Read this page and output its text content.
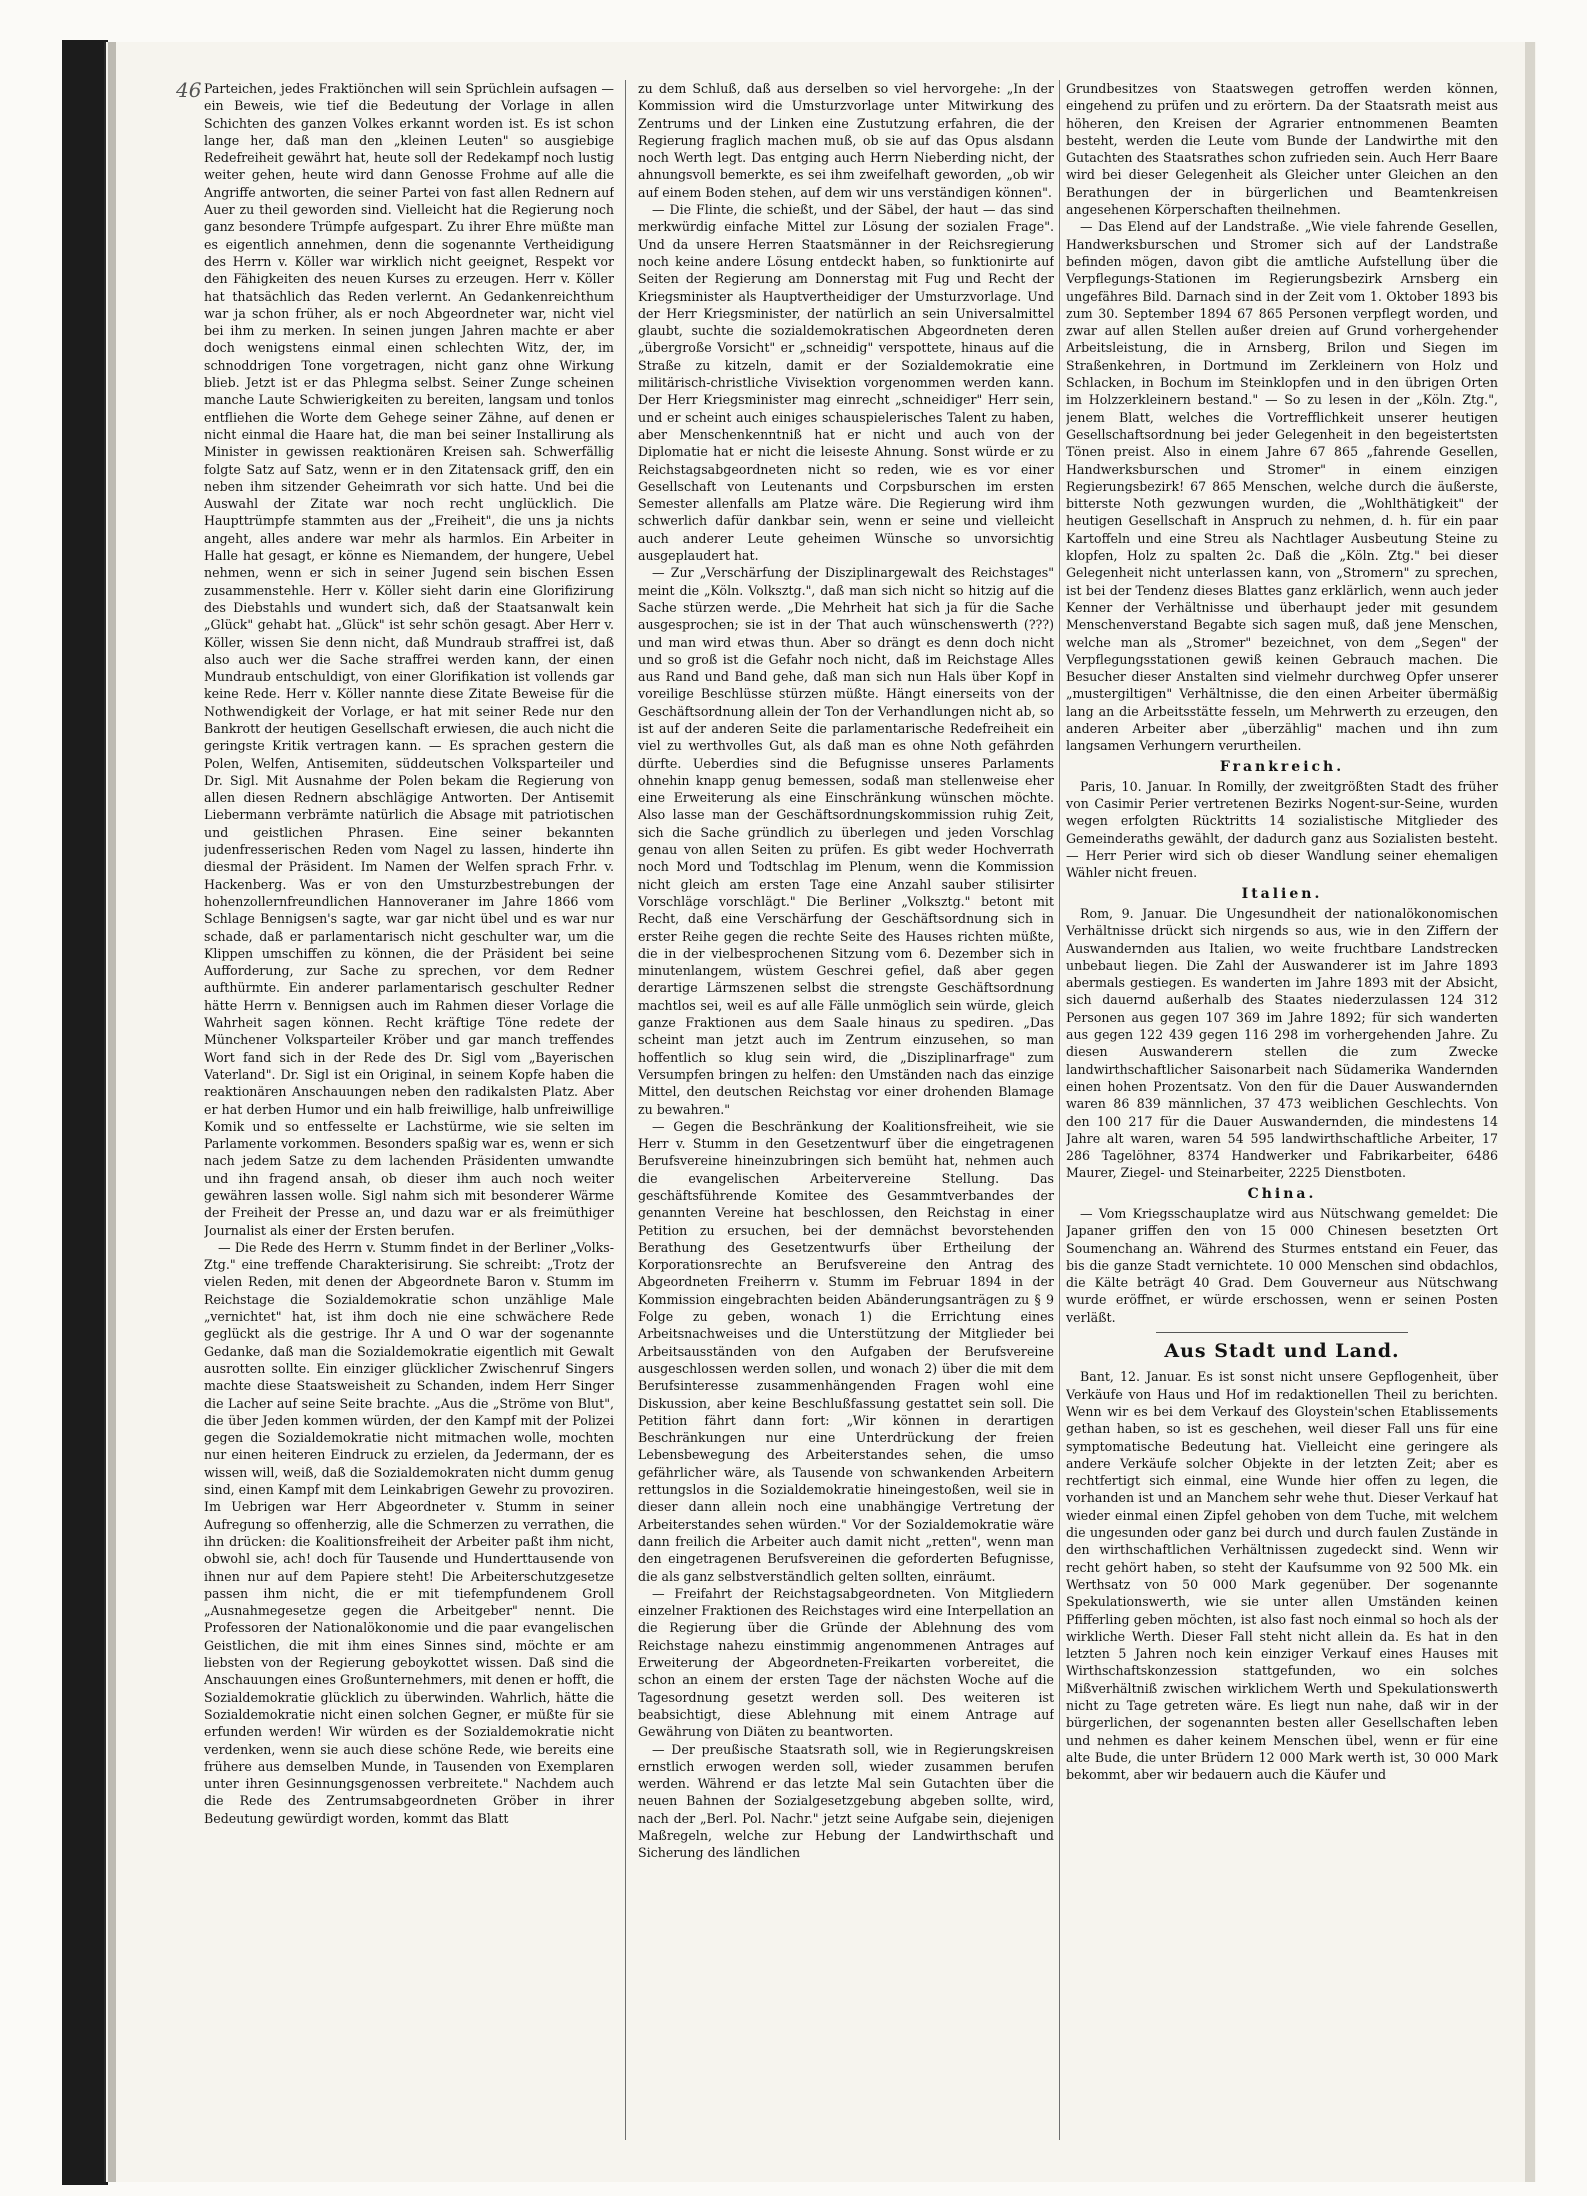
46 Parteichen, jedes Fraktiönchen will sein Sprüchlein aufsagen — ein Beweis, wie tief die Bedeutung der Vorlage in allen Schichten des ganzen Volkes erkannt worden ist. Es ist schon lange her, daß man den „kleinen Leuten" so ausgiebige Redefreiheit gewährt hat, heute soll der Redekampf noch lustig weiter gehen, heute wird dann Genosse Frohme auf alle die Angriffe antworten, die seiner Partei von fast allen Rednern auf Auer zu theil geworden sind. Vielleicht hat die Regierung noch ganz besondere Trümpfe aufgespart. Zu ihrer Ehre müßte man es eigentlich annehmen, denn die sogenannte Vertheidigung des Herrn v. Köller war wirklich nicht geeignet, Respekt vor den Fähigkeiten des neuen Kurses zu erzeugen. Herr v. Köller hat thatsächlich das Reden verlernt. An Gedankenreichthum war ja schon früher, als er noch Abgeordneter war, nicht viel bei ihm zu merken. In seinen jungen Jahren machte er aber doch wenigstens einmal einen schlechten Witz, der, im schnoddrigen Tone vorgetragen, nicht ganz ohne Wirkung blieb. Jetzt ist er das Phlegma selbst. Seiner Zunge scheinen manche Laute Schwierigkeiten zu bereiten, langsam und tonlos entfliehen die Worte dem Gehege seiner Zähne, auf denen er nicht einmal die Haare hat, die man bei seiner Installirung als Minister in gewissen reaktionären Kreisen sah. Schwerfällig folgte Satz auf Satz, wenn er in den Zitatensack griff, den ein neben ihm sitzender Geheimrath vor sich hatte. Und bei die Auswahl der Zitate war noch recht unglücklich. Die Haupttrümpfe stammten aus der „Freiheit", die uns ja nichts angeht, alles andere war mehr als harmlos. Ein Arbeiter in Halle hat gesagt, er könne es Niemandem, der hungere, Uebel nehmen, wenn er sich in seiner Jugend sein bischen Essen zusammenstehle. Herr v. Köller sieht darin eine Glorifizirung des Diebstahls und wundert sich, daß der Staatsanwalt kein „Glück" gehabt hat. „Glück" ist sehr schön gesagt. Aber Herr v. Köller, wissen Sie denn nicht, daß Mundraub straffrei ist, daß also auch wer die Sache straffrei werden kann, der einen Mundraub entschuldigt, von einer Glorifikation ist vollends gar keine Rede. Herr v. Köller nannte diese Zitate Beweise für die Nothwendigkeit der Vorlage, er hat mit seiner Rede nur den Bankrott der heutigen Gesellschaft erwiesen, die auch nicht die geringste Kritik vertragen kann. — Es sprachen gestern die Polen, Welfen, Antisemiten, süddeutschen Volksparteiler und Dr. Sigl. Mit Ausnahme der Polen bekam die Regierung von allen diesen Rednern abschlägige Antworten. Der Antisemit Liebermann verbrämte natürlich die Absage mit patriotischen und geistlichen Phrasen. Eine seiner bekannten judenfresserischen Reden vom Nagel zu lassen, hinderte ihn diesmal der Präsident. Im Namen der Welfen sprach Frhr. v. Hackenberg. Was er von den Umsturzbestrebungen der hohenzollernfreundlichen Hannoveraner im Jahre 1866 vom Schlage Bennigsen's sagte, war gar nicht übel und es war nur schade, daß er parlamentarisch nicht geschulter war, um die Klippen umschiffen zu können, die der Präsident bei seine Aufforderung, zur Sache zu sprechen, vor dem Redner aufthürmte. Ein anderer parlamentarisch geschulter Redner hätte Herrn v. Bennigsen auch im Rahmen dieser Vorlage die Wahrheit sagen können. Recht kräftige Töne redete der Münchener Volksparteiler Kröber und gar manch treffendes Wort fand sich in der Rede des Dr. Sigl vom „Bayerischen Vaterland". Dr. Sigl ist ein Original, in seinem Kopfe haben die reaktionären Anschauungen neben den radikalsten Platz. Aber er hat derben Humor und ein halb freiwillige, halb unfreiwillige Komik und so entfesselte er Lachstürme, wie sie selten im Parlamente vorkommen. Besonders spaßig war es, wenn er sich nach jedem Satze zu dem lachenden Präsidenten umwandte und ihn fragend ansah, ob dieser ihm auch noch weiter gewähren lassen wolle. Sigl nahm sich mit besonderer Wärme der Freiheit der Presse an, und dazu war er als freimüthiger Journalist als einer der Ersten berufen.

— Die Rede des Herrn v. Stumm findet in der Berliner „Volks-Ztg." eine treffende Charakterisirung. Sie schreibt: „Trotz der vielen Reden, mit denen der Abgeordnete Baron v. Stumm im Reichstage die Sozialdemokratie schon unzählige Male „vernichtet" hat, ist ihm doch nie eine schwächere Rede geglückt als die gestrige. Ihr A und O war der sogenannte Gedanke, daß man die Sozialdemokratie eigentlich mit Gewalt ausrotten sollte. Ein einziger glücklicher Zwischenruf Singers machte diese Staatsweisheit zu Schanden, indem Herr Singer die Lacher auf seine Seite brachte. „Aus die „Ströme von Blut", die über Jeden kommen würden, der den Kampf mit der Polizei gegen die Sozialdemokratie nicht mitmachen wolle, mochten nur einen heiteren Eindruck zu erzielen, da Jedermann, der es wissen will, weiß, daß die Sozialdemokraten nicht dumm genug sind, einen Kampf mit dem Leinkabrigen Gewehr zu provoziren. Im Uebrigen war Herr Abgeordneter v. Stumm in seiner Aufregung so offenherzig, alle die Schmerzen zu verrathen, die ihn drücken: die Koalitionsfreiheit der Arbeiter paßt ihm nicht, obwohl sie, ach! doch für Tausende und Hunderttausende von ihnen nur auf dem Papiere steht! Die Arbeiterschutzgesetze passen ihm nicht, die er mit tiefempfundenem Groll „Ausnahmegesetze gegen die Arbeitgeber" nennt. Die Professoren der Nationalökonomie und die paar evangelischen Geistlichen, die mit ihm eines Sinnes sind, möchte er am liebsten von der Regierung geboykottet wissen. Daß sind die Anschauungen eines Großunternehmers, mit denen er hofft, die Sozialdemokratie glücklich zu überwinden. Wahrlich, hätte die Sozialdemokratie nicht einen solchen Gegner, er müßte für sie erfunden werden! Wir würden es der Sozialdemokratie nicht verdenken, wenn sie auch diese schöne Rede, wie bereits eine frühere aus demselben Munde, in Tausenden von Exemplaren unter ihren Gesinnungsgenossen verbreitete." Nachdem auch die Rede des Zentrumsabgeordneten Gröber in ihrer Bedeutung gewürdigt worden, kommt das Blatt

zu dem Schluß, daß aus derselben so viel hervorgehe: „In der Kommission wird die Umsturzvorlage unter Mitwirkung des Zentrums und der Linken eine Zustutzung erfahren, die der Regierung fraglich machen muß, ob sie auf das Opus alsdann noch Werth legt. Das entging auch Herrn Nieberding nicht, der ahnungsvoll bemerkte, es sei ihm zweifelhaft geworden, „ob wir auf einem Boden stehen, auf dem wir uns verständigen können".

— Die Flinte, die schießt, und der Säbel, der haut — das sind merkwürdig einfache Mittel zur Lösung der sozialen Frage". Und da unsere Herren Staatsmänner in der Reichsregierung noch keine andere Lösung entdeckt haben, so funktionirte auf Seiten der Regierung am Donnerstag mit Fug und Recht der Kriegsminister als Hauptvertheidiger der Umsturzvorlage. Und der Herr Kriegsminister, der natürlich an sein Universalmittel glaubt, suchte die sozialdemokratischen Abgeordneten deren „übergroße Vorsicht" er „schneidig" verspottete, hinaus auf die Straße zu kitzeln, damit er der Sozialdemokratie eine militärisch-christliche Vivisektion vorgenommen werden kann. Der Herr Kriegsminister mag einrecht „schneidiger" Herr sein, und er scheint auch einiges schauspielerisches Talent zu haben, aber Menschenkenntniß hat er nicht und auch von der Diplomatie hat er nicht die leiseste Ahnung. Sonst würde er zu Reichstagsabgeordneten nicht so reden, wie es vor einer Gesellschaft von Leutenants und Corpsburschen im ersten Semester allenfalls am Platze wäre. Die Regierung wird ihm schwerlich dafür dankbar sein, wenn er seine und vielleicht auch anderer Leute geheimen Wünsche so unvorsichtig ausgeplaudert hat.

— Zur „Verschärfung der Disziplinargewalt des Reichstages" meint die „Köln. Volksztg.", daß man sich nicht so hitzig auf die Sache stürzen werde. „Die Mehrheit hat sich ja für die Sache ausgesprochen; sie ist in der That auch wünschenswerth (???) und man wird etwas thun. Aber so drängt es denn doch nicht und so groß ist die Gefahr noch nicht, daß im Reichstage Alles aus Rand und Band gehe, daß man sich nun Hals über Kopf in voreilige Beschlüsse stürzen müßte. Hängt einerseits von der Geschäftsordnung allein der Ton der Verhandlungen nicht ab, so ist auf der anderen Seite die parlamentarische Redefreiheit ein viel zu werthvolles Gut, als daß man es ohne Noth gefährden dürfte. Ueberdies sind die Befugnisse unseres Parlaments ohnehin knapp genug bemessen, sodaß man stellenweise eher eine Erweiterung als eine Einschränkung wünschen möchte. Also lasse man der Geschäftsordnungskommission ruhig Zeit, sich die Sache gründlich zu überlegen und jeden Vorschlag genau von allen Seiten zu prüfen. Es gibt weder Hochverrath noch Mord und Todtschlag im Plenum, wenn die Kommission nicht gleich am ersten Tage eine Anzahl sauber stilisirter Vorschläge vorschlägt." Die Berliner „Volksztg." betont mit Recht, daß eine Verschärfung der Geschäftsordnung sich in erster Reihe gegen die rechte Seite des Hauses richten müßte, die in der vielbesprochenen Sitzung vom 6. Dezember sich in minutenlangem, wüstem Geschrei gefiel, daß aber gegen derartige Lärmszenen selbst die strengste Geschäftsordnung machtlos sei, weil es auf alle Fälle unmöglich sein würde, gleich ganze Fraktionen aus dem Saale hinaus zu spediren. „Das scheint man jetzt auch im Zentrum einzusehen, so man hoffentlich so klug sein wird, die „Disziplinarfrage" zum Versumpfen bringen zu helfen: den Umständen nach das einzige Mittel, den deutschen Reichstag vor einer drohenden Blamage zu bewahren."

— Gegen die Beschränkung der Koalitionsfreiheit, wie sie Herr v. Stumm in den Gesetzentwurf über die eingetragenen Berufsvereine hineinzubringen sich bemüht hat, nehmen auch die evangelischen Arbeitervereine Stellung. Das geschäftsführende Komitee des Gesammtverbandes der genannten Vereine hat beschlossen, den Reichstag in einer Petition zu ersuchen, bei der demnächst bevorstehenden Berathung des Gesetzentwurfs über Ertheilung der Korporationsrechte an Berufsvereine den Antrag des Abgeordneten Freiherrn v. Stumm im Februar 1894 in der Kommission eingebrachten beiden Abänderungsanträgen zu § 9 Folge zu geben, wonach 1) die Errichtung eines Arbeitsnachweises und die Unterstützung der Mitglieder bei Arbeitsausständen von den Aufgaben der Berufsvereine ausgeschlossen werden sollen, und wonach 2) über die mit dem Berufsinteresse zusammenhängenden Fragen wohl eine Diskussion, aber keine Beschlußfassung gestattet sein soll. Die Petition fährt dann fort: „Wir können in derartigen Beschränkungen nur eine Unterdrückung der freien Lebensbewegung des Arbeiterstandes sehen, die umso gefährlicher wäre, als Tausende von schwankenden Arbeitern rettungslos in die Sozialdemokratie hineingestoßen, weil sie in dieser dann allein noch eine unabhängige Vertretung der Arbeiterstandes sehen würden." Vor der Sozialdemokratie wäre dann freilich die Arbeiter auch damit nicht „retten", wenn man den eingetragenen Berufsvereinen die geforderten Befugnisse, die als ganz selbstverständlich gelten sollten, einräumt.

— Freifahrt der Reichstagsabgeordneten. Von Mitgliedern einzelner Fraktionen des Reichstages wird eine Interpellation an die Regierung über die Gründe der Ablehnung des vom Reichstage nahezu einstimmig angenommenen Antrages auf Erweiterung der Abgeordneten-Freikarten vorbereitet, die schon an einem der ersten Tage der nächsten Woche auf die Tagesordnung gesetzt werden soll. Des weiteren ist beabsichtigt, diese Ablehnung mit einem Antrage auf Gewährung von Diäten zu beantworten.

— Der preußische Staatsrath soll, wie in Regierungskreisen ernstlich erwogen werden soll, wieder zusammen berufen werden. Während er das letzte Mal sein Gutachten über die neuen Bahnen der Sozialgesetzgebung abgeben sollte, wird, nach der „Berl. Pol. Nachr." jetzt seine Aufgabe sein, diejenigen Maßregeln, welche zur Hebung der Landwirthschaft und Sicherung des ländlichen

Grundbesitzes von Staatswegen getroffen werden können, eingehend zu prüfen und zu erörtern. Da der Staatsrath meist aus höheren, den Kreisen der Agrarier entnommenen Beamten besteht, werden die Leute vom Bunde der Landwirthe mit den Gutachten des Staatsrathes schon zufrieden sein. Auch Herr Baare wird bei dieser Gelegenheit als Gleicher unter Gleichen an den Berathungen der in bürgerlichen und Beamtenkreisen angesehenen Körperschaften theilnehmen.

— Das Elend auf der Landstraße. „Wie viele fahrende Gesellen, Handwerksburschen und Stromer sich auf der Landstraße befinden mögen, davon gibt die amtliche Aufstellung über die Verpflegungs-Stationen im Regierungsbezirk Arnsberg ein ungefähres Bild. Darnach sind in der Zeit vom 1. Oktober 1893 bis zum 30. September 1894 67 865 Personen verpflegt worden, und zwar auf allen Stellen außer dreien auf Grund vorhergehender Arbeitsleistung, die in Arnsberg, Brilon und Siegen im Straßenkehren, in Dortmund im Zerkleinern von Holz und Schlacken, in Bochum im Steinklopfen und in den übrigen Orten im Holzzerkleinern bestand." — So zu lesen in der „Köln. Ztg.", jenem Blatt, welches die Vortrefflichkeit unserer heutigen Gesellschaftsordnung bei jeder Gelegenheit in den begeistertsten Tönen preist. Also in einem Jahre 67 865 „fahrende Gesellen, Handwerksburschen und Stromer" in einem einzigen Regierungsbezirk! 67 865 Menschen, welche durch die äußerste, bitterste Noth gezwungen wurden, die „Wohlthätigkeit" der heutigen Gesellschaft in Anspruch zu nehmen, d. h. für ein paar Kartoffeln und eine Streu als Nachtlager Ausbeutung Steine zu klopfen, Holz zu spalten 2c. Daß die „Köln. Ztg." bei dieser Gelegenheit nicht unterlassen kann, von „Stromern" zu sprechen, ist bei der Tendenz dieses Blattes ganz erklärlich, wenn auch jeder Kenner der Verhältnisse und überhaupt jeder mit gesundem Menschenverstand Begabte sich sagen muß, daß jene Menschen, welche man als „Stromer" bezeichnet, von dem „Segen" der Verpflegungsstationen gewiß keinen Gebrauch machen. Die Besucher dieser Anstalten sind vielmehr durchweg Opfer unserer „mustergiltigen" Verhältnisse, die den einen Arbeiter übermäßig lang an die Arbeitsstätte fesseln, um Mehrwerth zu erzeugen, den anderen Arbeiter aber „überzählig" machen und ihn zum langsamen Verhungern verurtheilen.

Frankreich.

Paris, 10. Januar. In Romilly, der zweitgrößten Stadt des früher von Casimir Perier vertretenen Bezirks Nogent-sur-Seine, wurden wegen erfolgten Rücktritts 14 sozialistische Mitglieder des Gemeinderaths gewählt, der dadurch ganz aus Sozialisten besteht. — Herr Perier wird sich ob dieser Wandlung seiner ehemaligen Wähler nicht freuen.

Italien.

Rom, 9. Januar. Die Ungesundheit der nationalökonomischen Verhältnisse drückt sich nirgends so aus, wie in den Ziffern der Auswandernden aus Italien, wo weite fruchtbare Landstrecken unbebaut liegen. Die Zahl der Auswanderer ist im Jahre 1893 abermals gestiegen. Es wanderten im Jahre 1893 mit der Absicht, sich dauernd außerhalb des Staates niederzulassen 124 312 Personen aus gegen 107 369 im Jahre 1892; für sich wanderten aus gegen 122 439 gegen 116 298 im vorhergehenden Jahre. Zu diesen Auswanderern stellen die zum Zwecke landwirthschaftlicher Saisonarbeit nach Südamerika Wandernden einen hohen Prozentsatz. Von den für die Dauer Auswandernden waren 86 839 männlichen, 37 473 weiblichen Geschlechts. Von den 100 217 für die Dauer Auswandernden, die mindestens 14 Jahre alt waren, waren 54 595 landwirthschaftliche Arbeiter, 17 286 Tagelöhner, 8374 Handwerker und Fabrikarbeiter, 6486 Maurer, Ziegel- und Steinarbeiter, 2225 Dienstboten.

China.

— Vom Kriegsschauplatze wird aus Nütschwang gemeldet: Die Japaner griffen den von 15 000 Chinesen besetzten Ort Soumenchang an. Während des Sturmes entstand ein Feuer, das bis die ganze Stadt vernichtete. 10 000 Menschen sind obdachlos, die Kälte beträgt 40 Grad. Dem Gouverneur aus Nütschwang wurde eröffnet, er würde erschossen, wenn er seinen Posten verläßt.

Aus Stadt und Land.

Bant, 12. Januar. Es ist sonst nicht unsere Gepflogenheit, über Verkäufe von Haus und Hof im redaktionellen Theil zu berichten. Wenn wir es bei dem Verkauf des Gloystein'schen Etablissements gethan haben, so ist es geschehen, weil dieser Fall uns für eine symptomatische Bedeutung hat. Vielleicht eine geringere als andere Verkäufe solcher Objekte in der letzten Zeit; aber es rechtfertigt sich einmal, eine Wunde hier offen zu legen, die vorhanden ist und an Manchem sehr wehe thut. Dieser Verkauf hat wieder einmal einen Zipfel gehoben von dem Tuche, mit welchem die ungesunden oder ganz bei durch und durch faulen Zustände in den wirthschaftlichen Verhältnissen zugedeckt sind. Wenn wir recht gehört haben, so steht der Kaufsumme von 92 500 Mk. ein Werthsatz von 50 000 Mark gegenüber. Der sogenannte Spekulationswerth, wie sie unter allen Umständen keinen Pfifferling geben möchten, ist also fast noch einmal so hoch als der wirkliche Werth. Dieser Fall steht nicht allein da. Es hat in den letzten 5 Jahren noch kein einziger Verkauf eines Hauses mit Wirthschaftskonzession stattgefunden, wo ein solches Mißverhältniß zwischen wirklichem Werth und Spekulationswerth nicht zu Tage getreten wäre. Es liegt nun nahe, daß wir in der bürgerlichen, der sogenannten besten aller Gesellschaften leben und nehmen es daher keinem Menschen übel, wenn er für eine alte Bude, die unter Brüdern 12 000 Mark werth ist, 30 000 Mark bekommt, aber wir bedauern auch die Käufer und
